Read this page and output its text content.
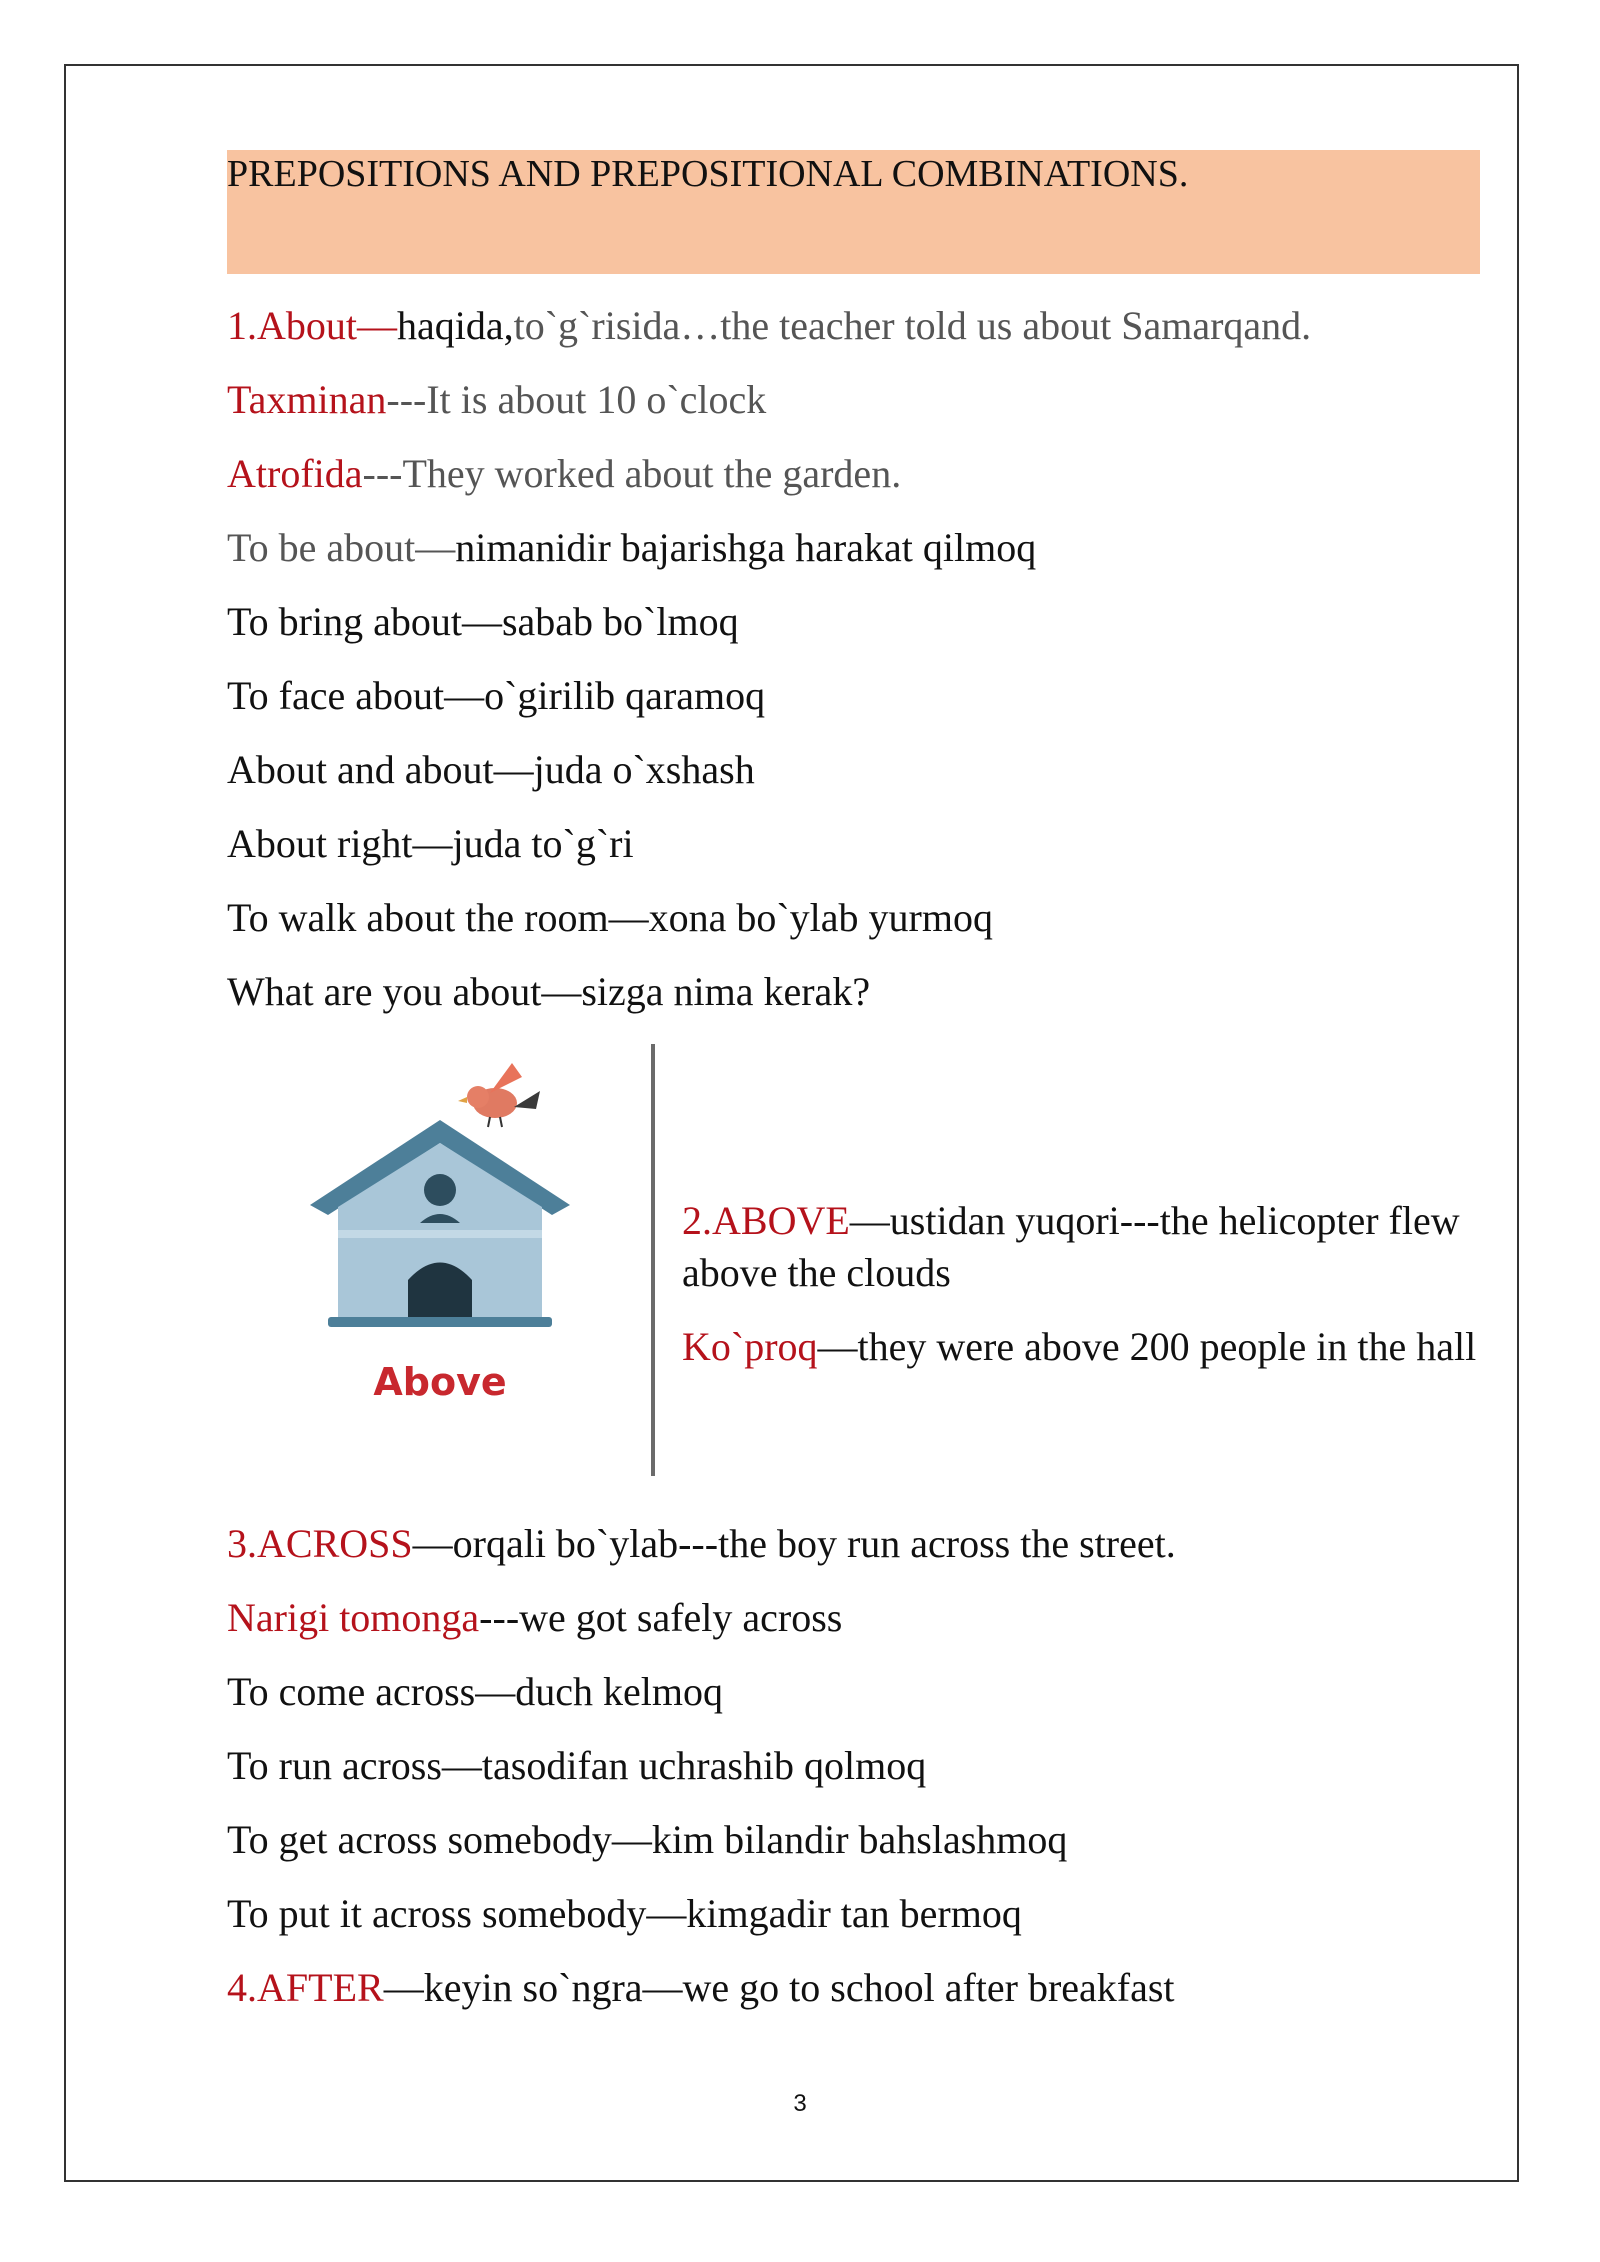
PREPOSITIONS AND PREPOSITIONAL COMBINATIONS.
1.About—haqida,to`g`risida…the teacher told us about Samarqand.
Taxminan---It is about 10 o`clock
Atrofida---They worked about the garden.
To be about—nimanidir bajarishga harakat qilmoq
To bring about—sabab bo`lmoq
To face about—o`girilib qaramoq
About and about—juda o`xshash
About right—juda to`g`ri
To walk about the room—xona bo`ylab yurmoq
What are you about—sizga nima kerak?
Above

2.ABOVE—ustidan yuqori---the helicopter flew above the clouds

Ko`proq—they were above 200 people in the hall

3.ACROSS—orqali bo`ylab---the boy run across the street.
Narigi tomonga---we got safely across
To come across—duch kelmoq
To run across—tasodifan uchrashib qolmoq
To get across somebody—kim bilandir bahslashmoq
To put it across somebody—kimgadir tan bermoq
4.AFTER—keyin so`ngra—we go to school after breakfast
3
